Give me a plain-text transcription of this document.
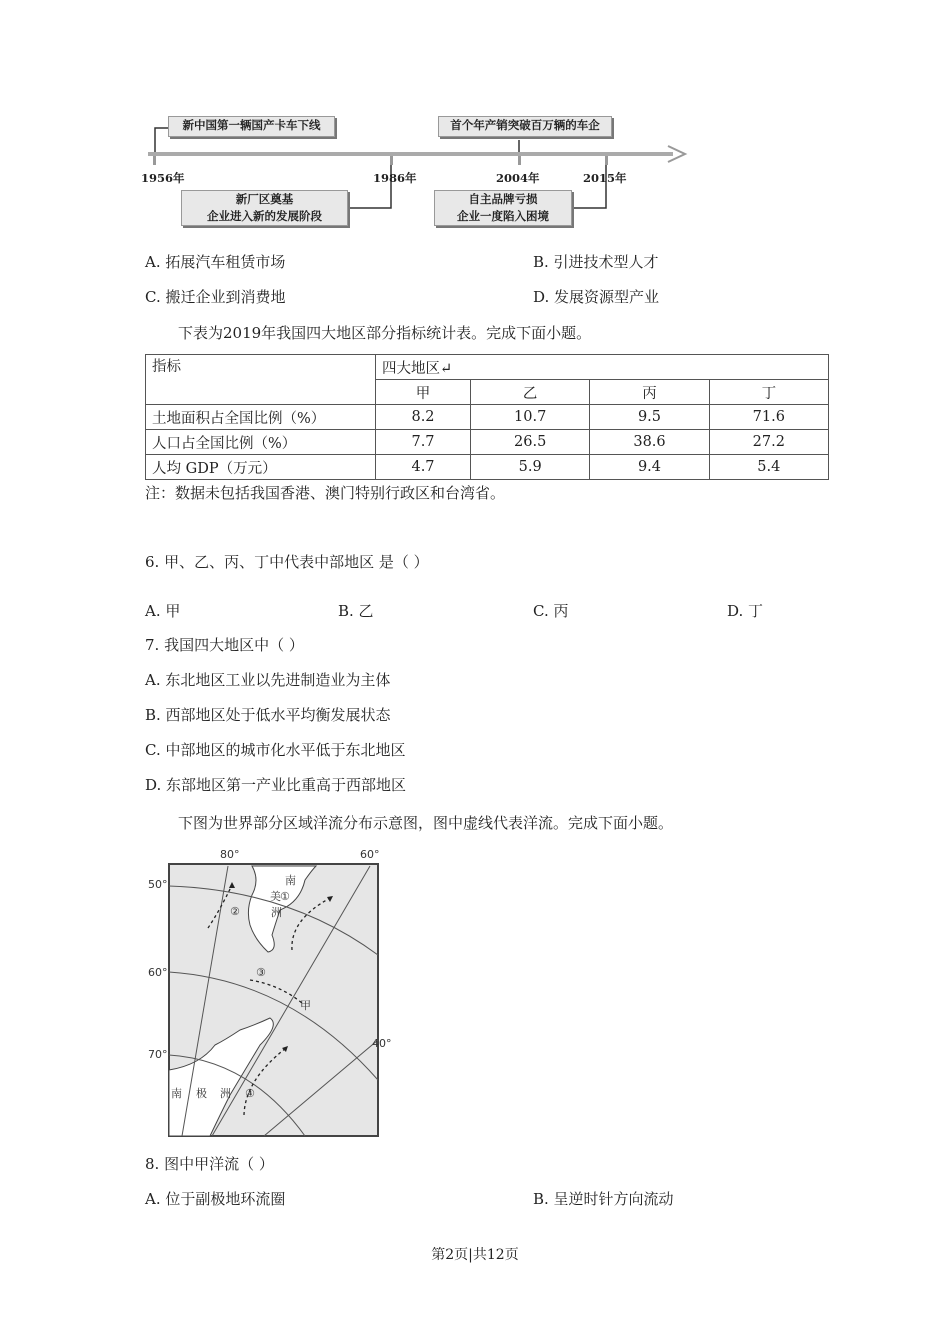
新中国第一辆国产卡车下线	首个年产销突破百万辆的车企
新厂区奠基
企业进入新的发展阶段
自主品牌亏损
企业一度陷入困境
1956年	1986年	2004年	2015年
A. 拓展汽车租赁市场	B. 引进技术型人才
C. 搬迁企业到消费地	D. 发展资源型产业
下表为2019年我国四大地区部分指标统计表。完成下面小题。
指标	四大地区↵			
	甲	乙	丙	丁
土地面积占全国比例（%）	8.2	10.7	9.5	71.6
人口占全国比例（%）	7.7	26.5	38.6	27.2
人均 GDP（万元）	4.7	5.9	9.4	5.4
注：数据未包括我国香港、澳门特别行政区和台湾省。
6. 甲、乙、丙、丁中代表中部地区 是（ ）
A. 甲	B. 乙	C. 丙	D. 丁
7. 我国四大地区中（ ）
A. 东北地区工业以先进制造业为主体
B. 西部地区处于低水平均衡发展状态
C. 中部地区的城市化水平低于东北地区
D. 东部地区第一产业比重高于西部地区
下图为世界部分区域洋流分布示意图，图中虚线代表洋流。完成下面小题。
南
美 ①
洲
②
③
甲
④
南 极 洲
80°	60°
40°
50°
60°
70°
8. 图中甲洋流（ ）
A. 位于副极地环流圈	B. 呈逆时针方向流动
第2页|共12页
